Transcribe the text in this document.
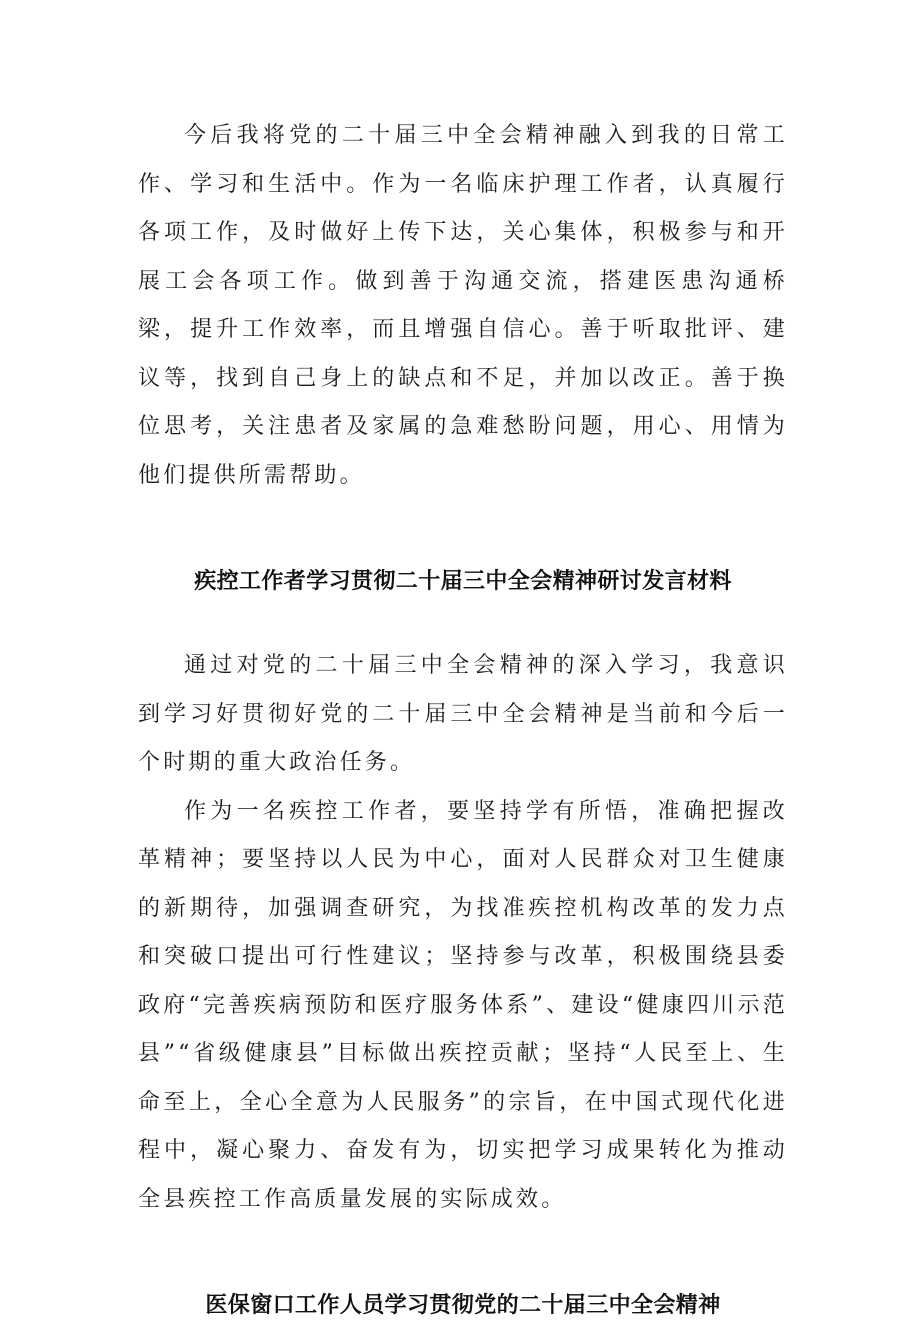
今后我将党的二十届三中全会精神融入到我的日常工作、学习和生活中。作为一名临床护理工作者，认真履行各项工作，及时做好上传下达，关心集体，积极参与和开展工会各项工作。做到善于沟通交流，搭建医患沟通桥梁，提升工作效率，而且增强自信心。善于听取批评、建议等，找到自己身上的缺点和不足，并加以改正。善于换位思考，关注患者及家属的急难愁盼问题，用心、用情为他们提供所需帮助。

疾控工作者学习贯彻二十届三中全会精神研讨发言材料

通过对党的二十届三中全会精神的深入学习，我意识到学习好贯彻好党的二十届三中全会精神是当前和今后一个时期的重大政治任务。

作为一名疾控工作者，要坚持学有所悟，准确把握改革精神；要坚持以人民为中心，面对人民群众对卫生健康的新期待，加强调查研究，为找准疾控机构改革的发力点和突破口提出可行性建议；坚持参与改革，积极围绕县委政府“完善疾病预防和医疗服务体系”、建设“健康四川示范县”“省级健康县”目标做出疾控贡献；坚持“人民至上、生命至上，全心全意为人民服务”的宗旨，在中国式现代化进程中，凝心聚力、奋发有为，切实把学习成果转化为推动全县疾控工作高质量发展的实际成效。

医保窗口工作人员学习贯彻党的二十届三中全会精神
